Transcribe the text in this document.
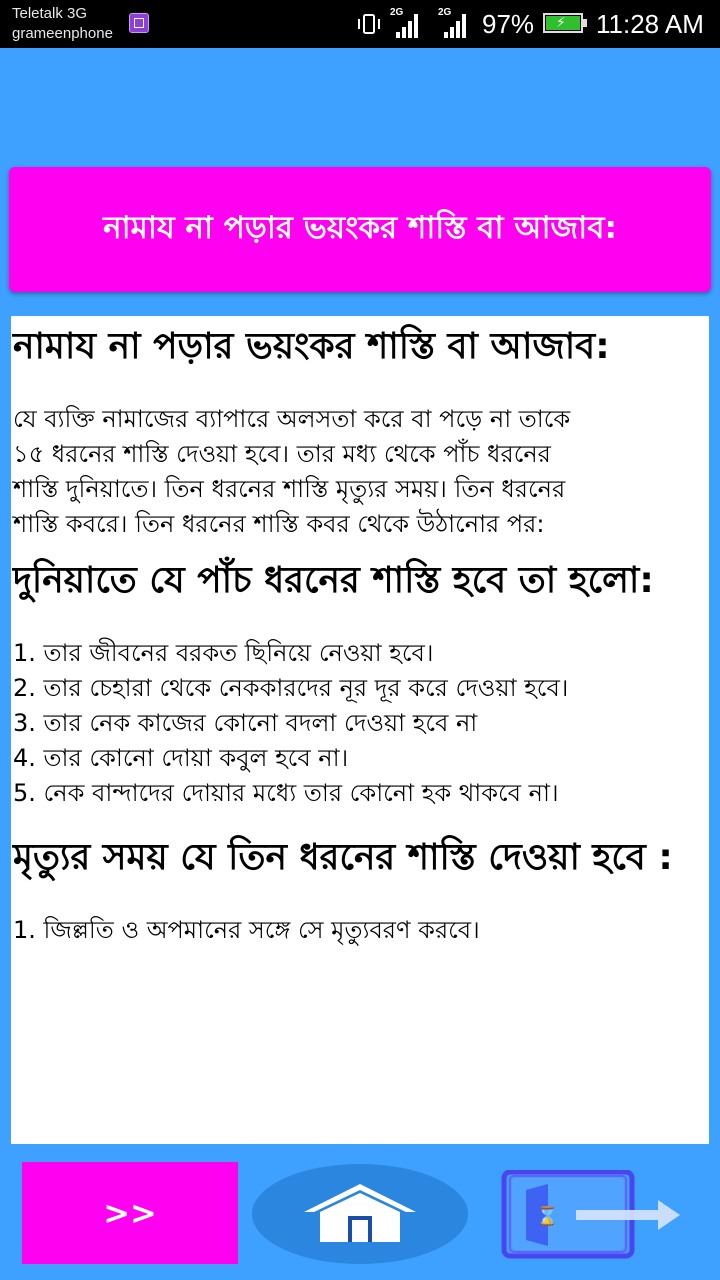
Teletalk 3G
grameenphone
2G	2G 97% ⚡ 11:28 AM
নামায না পড়ার ভয়ংকর শাস্তি বা আজাব:
নামায না পড়ার ভয়ংকর শাস্তি বা আজাব:
যে ব্যক্তি নামাজের ব্যাপারে অলসতা করে বা পড়ে না তাকে
১৫ ধরনের শাস্তি দেওয়া হবে। তার মধ্য থেকে পাঁচ ধরনের
শাস্তি দুনিয়াতে। তিন ধরনের শাস্তি মৃত্যুর সময়। তিন ধরনের
শাস্তি কবরে। তিন ধরনের শাস্তি কবর থেকে উঠানোর পর:
দুনিয়াতে যে পাঁচ ধরনের শাস্তি হবে তা হলো:
1. তার জীবনের বরকত ছিনিয়ে নেওয়া হবে।
2. তার চেহারা থেকে নেককারদের নূর দূর করে দেওয়া হবে।
3. তার নেক কাজের কোনো বদলা দেওয়া হবে না
4. তার কোনো দোয়া কবুল হবে না।
5. নেক বান্দাদের দোয়ার মধ্যে তার কোনো হক থাকবে না।
মৃত্যুর সময় যে তিন ধরনের শাস্তি দেওয়া হবে :
1. জিল্লতি ও অপমানের সঙ্গে সে মৃত্যুবরণ করবে।
>>	⌛
